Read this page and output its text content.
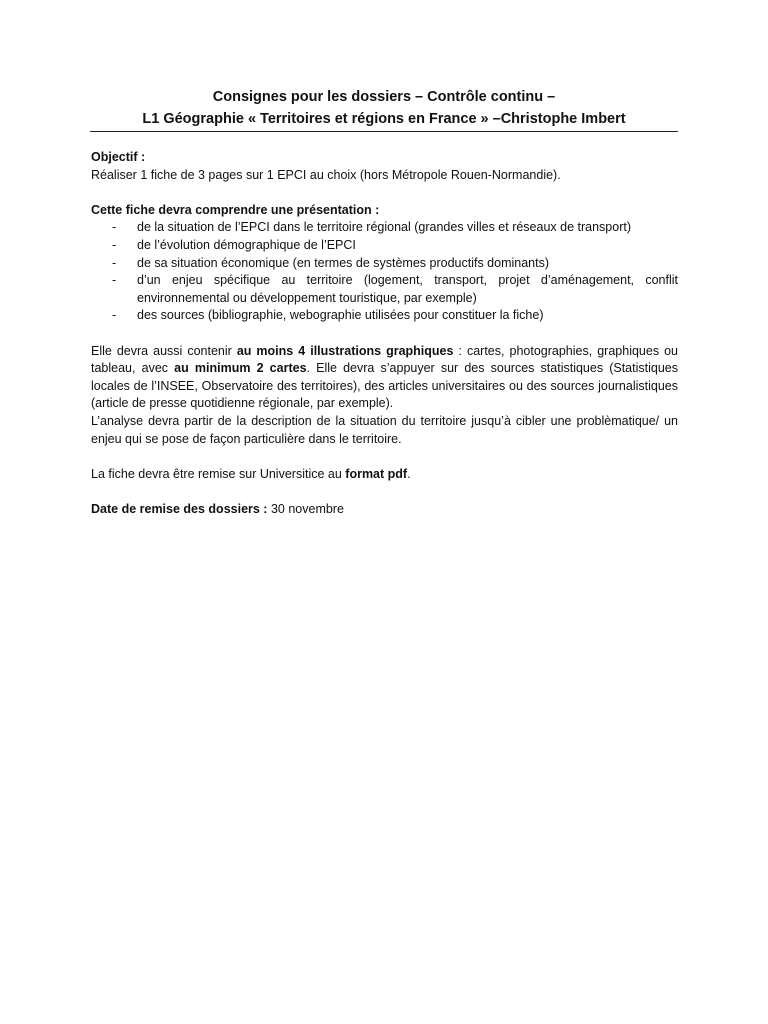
Consignes pour les dossiers – Contrôle continu –
L1 Géographie « Territoires et régions en France » –Christophe Imbert

Objectif :
Réaliser 1 fiche de 3 pages sur 1 EPCI au choix (hors Métropole Rouen-Normandie).

Cette fiche devra comprendre une présentation :

- de la situation de l’EPCI dans le territoire régional (grandes villes et réseaux de transport)
- de l’évolution démographique de l’EPCI
- de sa situation économique (en termes de systèmes productifs dominants)
- d’un enjeu spécifique au territoire (logement, transport, projet d’aménagement, conflit environnemental ou développement touristique, par exemple)
- des sources (bibliographie, webographie utilisées pour constituer la fiche)

Elle devra aussi contenir au moins 4 illustrations graphiques : cartes, photographies, graphiques ou tableau, avec au minimum 2 cartes. Elle devra s’appuyer sur des sources statistiques (Statistiques locales de l’INSEE, Observatoire des territoires), des articles universitaires ou des sources journalistiques (article de presse quotidienne régionale, par exemple).

L’analyse devra partir de la description de la situation du territoire jusqu’à cibler une problèmatique/ un enjeu qui se pose de façon particulière dans le territoire.

La fiche devra être remise sur Universitice au format pdf.

Date de remise des dossiers : 30 novembre
